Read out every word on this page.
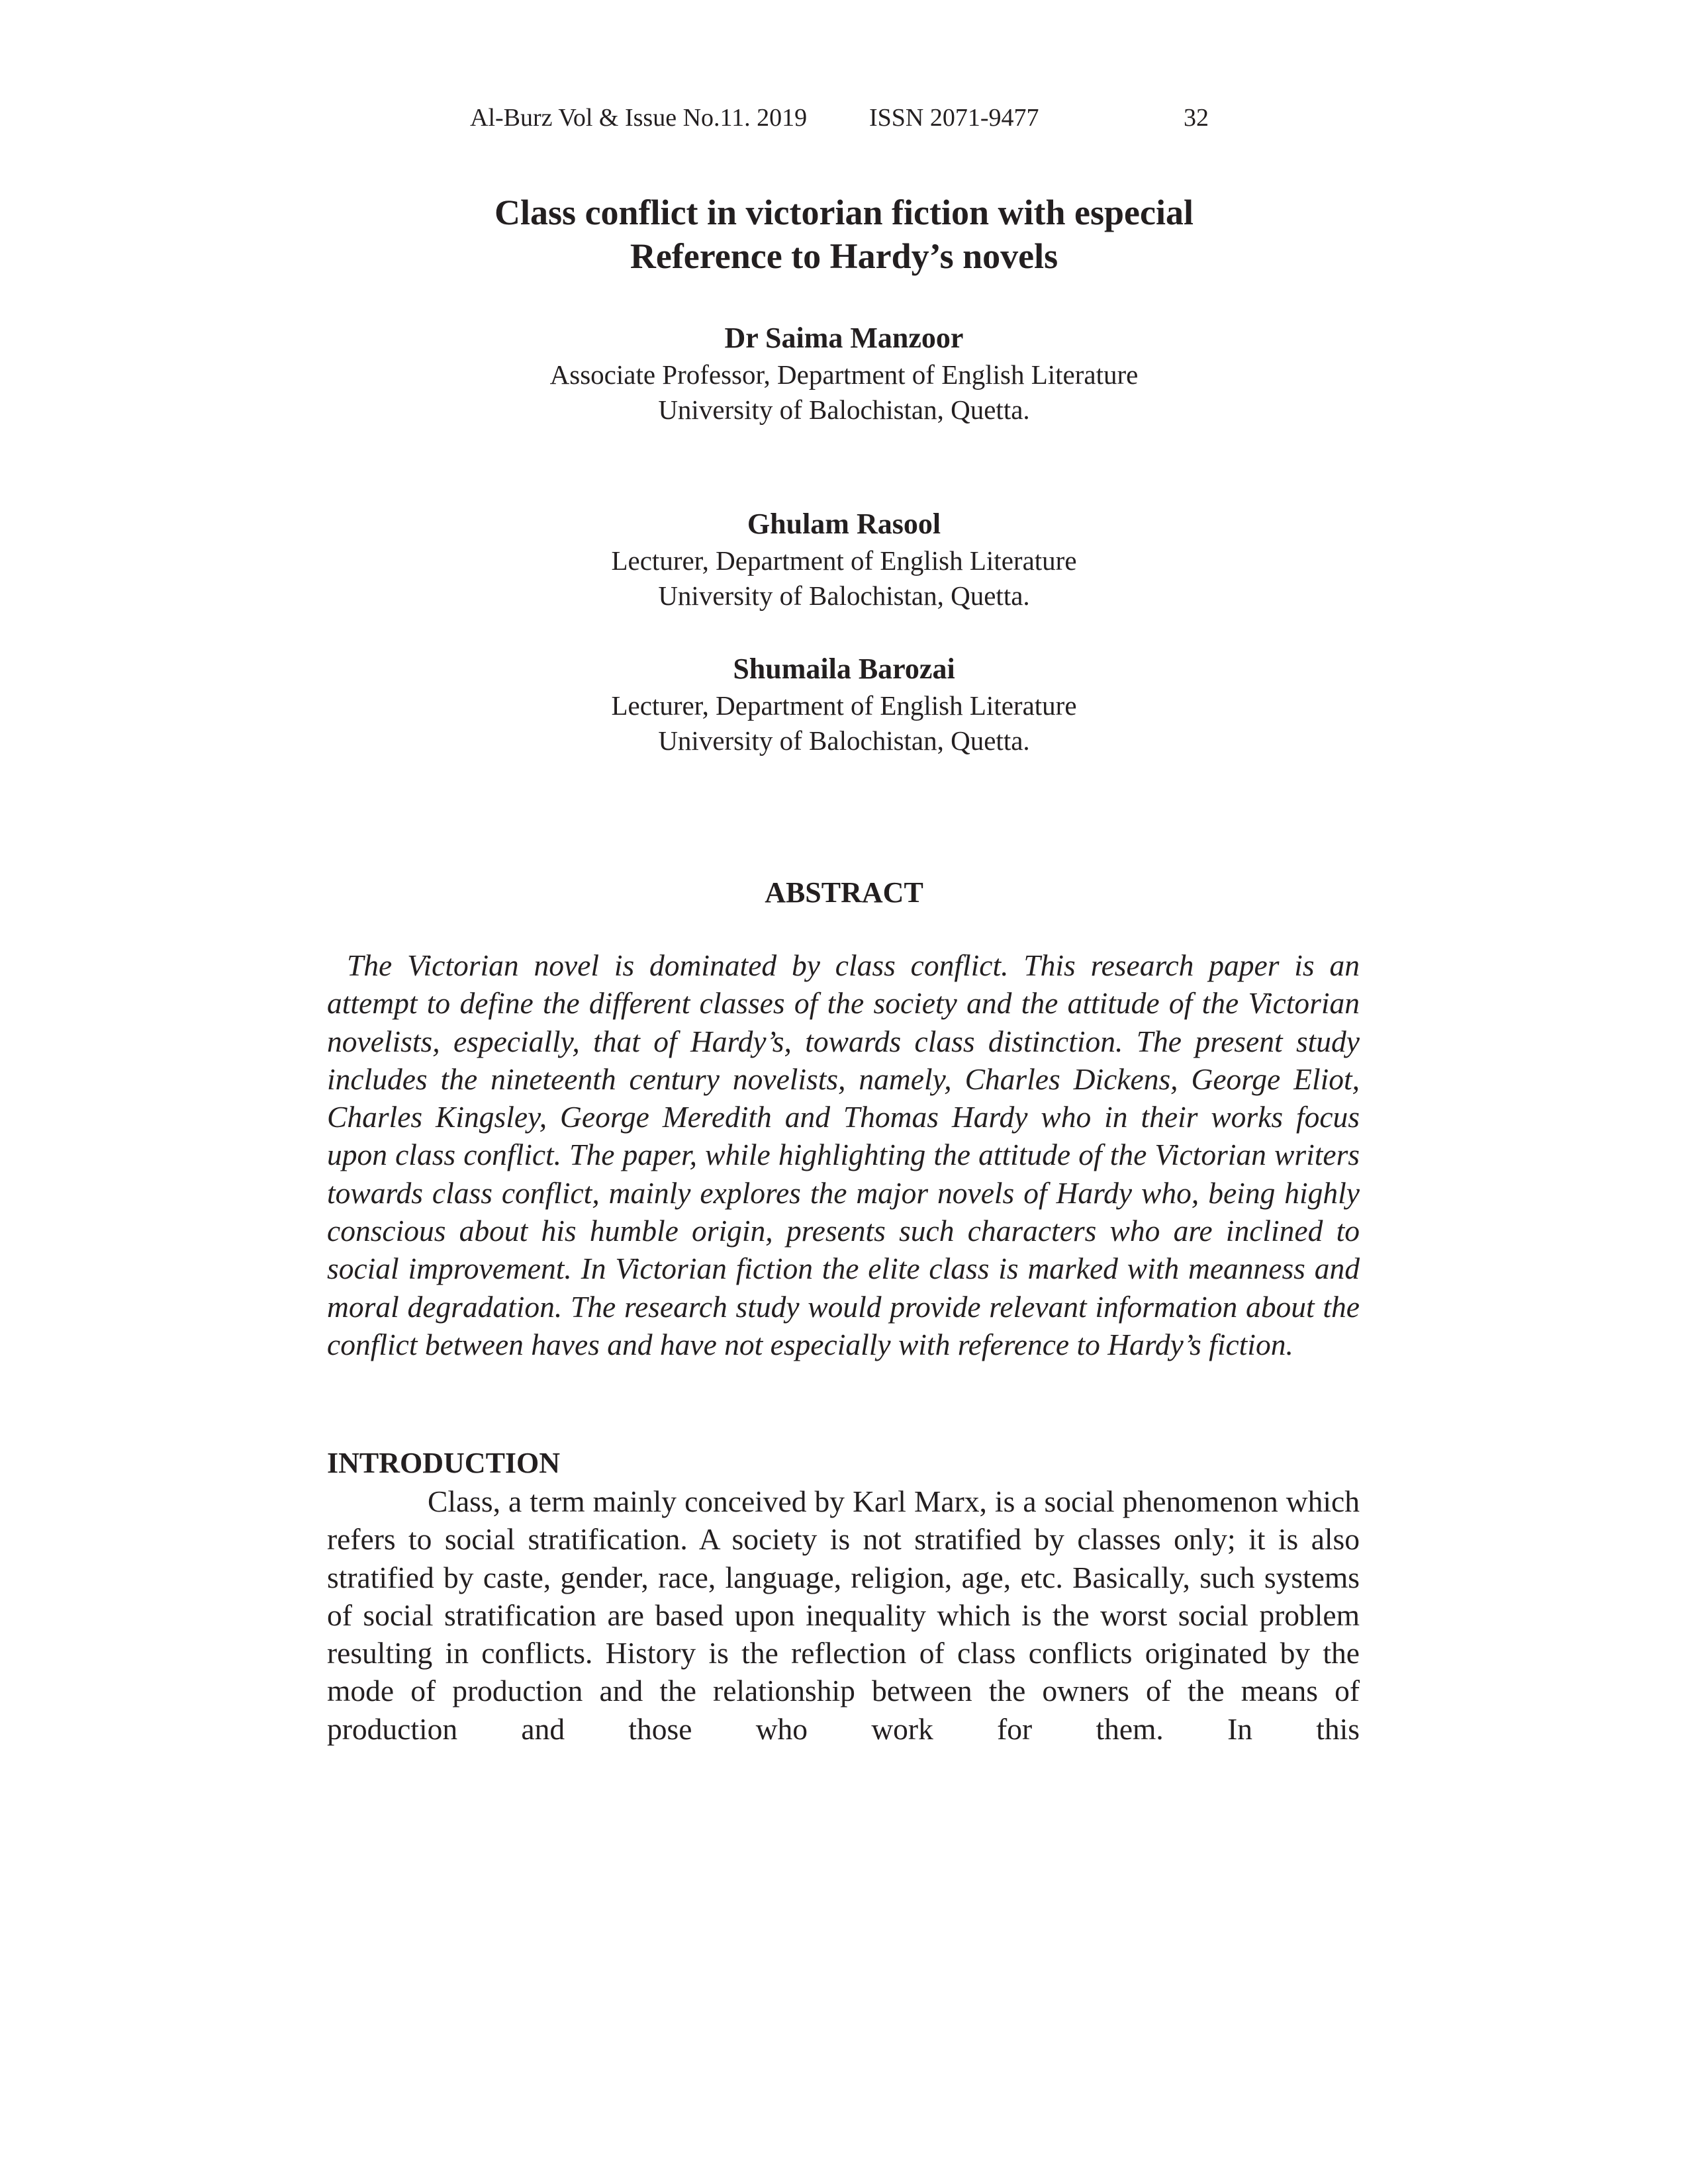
Al-Burz Vol & Issue No.11. 2019 ISSN 2071-9477	32
Class conflict in victorian fiction with especial
Reference to Hardy’s novels
Dr Saima Manzoor
Associate Professor, Department of English Literature
University of Balochistan, Quetta.
Ghulam Rasool
Lecturer, Department of English Literature
University of Balochistan, Quetta.
Shumaila Barozai
Lecturer, Department of English Literature
University of Balochistan, Quetta.
ABSTRACT

The Victorian novel is dominated by class conflict. This research paper is an attempt to define the different classes of the society and the attitude of the Victorian novelists, especially, that of Hardy’s, towards class distinction. The present study includes the nineteenth century novelists, namely, Charles Dickens, George Eliot, Charles Kingsley, George Meredith and Thomas Hardy who in their works focus upon class conflict. The paper, while highlighting the attitude of the Victorian writers towards class conflict, mainly explores the major novels of Hardy who, being highly conscious about his humble origin, presents such characters who are inclined to social improvement. In Victorian fiction the elite class is marked with meanness and moral degradation. The research study would provide relevant information about the conflict between haves and have not especially with reference to Hardy’s fiction.

INTRODUCTION

Class, a term mainly conceived by Karl Marx, is a social phenomenon which refers to social stratification. A society is not stratified by classes only; it is also stratified by caste, gender, race, language, religion, age, etc. Basically, such systems of social stratification are based upon inequality which is the worst social problem resulting in conflicts. History is the reflection of class conflicts originated by the mode of production and the relationship between the owners of the means of production and those who work for them. In this
